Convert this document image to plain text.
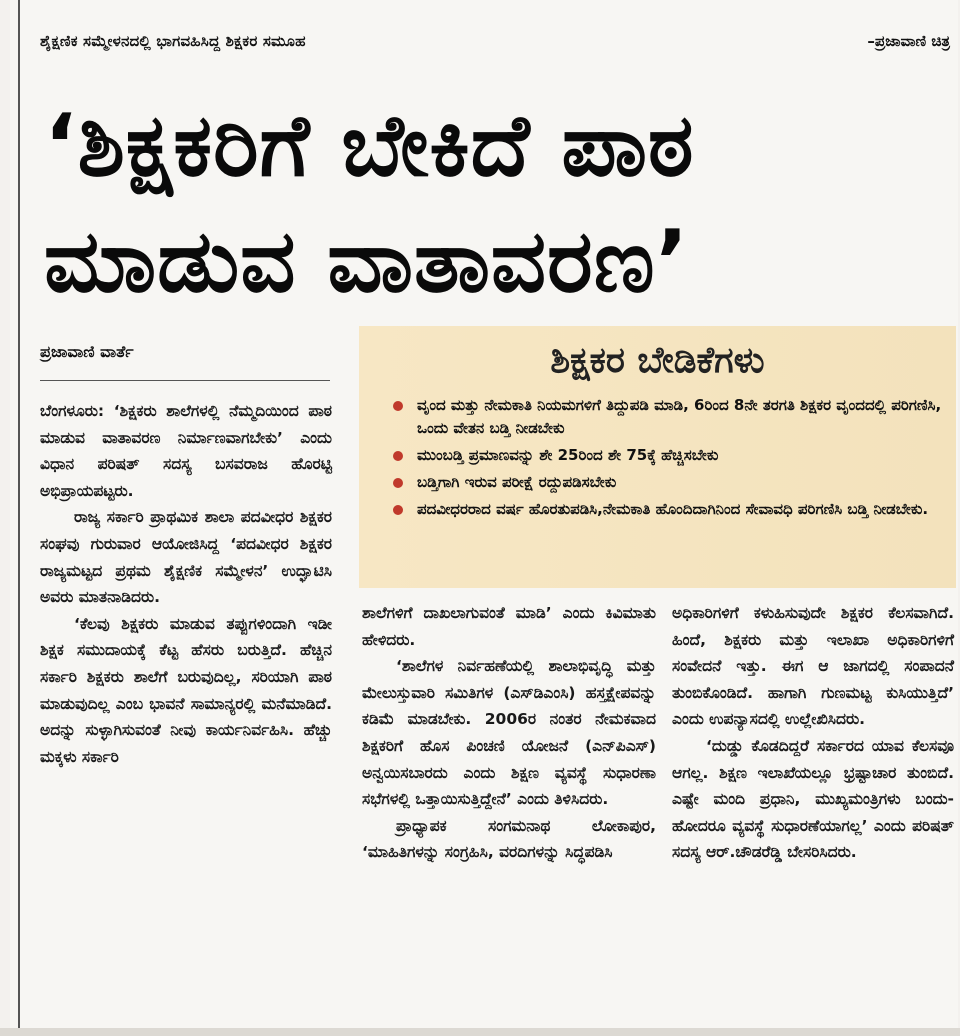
ಶೈಕ್ಷಣಿಕ ಸಮ್ಮೇಳನದಲ್ಲಿ ಭಾಗವಹಿಸಿದ್ದ ಶಿಕ್ಷಕರ ಸಮೂಹ	–ಪ್ರಜಾವಾಣಿ ಚಿತ್ರ
‘ಶಿಕ್ಷಕರಿಗೆ ಬೇಕಿದೆ ಪಾಠ
ಮಾಡುವ ವಾತಾವರಣ’
ಪ್ರಜಾವಾಣಿ ವಾರ್ತೆ	ಶಿಕ್ಷಕರ ಬೇಡಿಕೆಗಳು
ವೃಂದ ಮತ್ತು ನೇಮಕಾತಿ ನಿಯಮಗಳಿಗೆ ತಿದ್ದುಪಡಿ ಮಾಡಿ, 6ರಿಂದ 8ನೇ ತರಗತಿ ಶಿಕ್ಷಕರ ವೃಂದದಲ್ಲಿ ಪರಿಗಣಿಸಿ, ಒಂದು ವೇತನ ಬಡ್ತಿ ನೀಡಬೇಕು
ಮುಂಬಡ್ತಿ ಪ್ರಮಾಣವನ್ನು ಶೇ 25ರಿಂದ ಶೇ 75ಕ್ಕೆ ಹೆಚ್ಚಿಸಬೇಕು
ಬಡ್ತಿಗಾಗಿ ಇರುವ ಪರೀಕ್ಷೆ ರದ್ದುಪಡಿಸಬೇಕು
ಪದವೀಧರರಾದ ವರ್ಷ ಹೊರತುಪಡಿಸಿ,ನೇಮಕಾತಿ ಹೊಂದಿದಾಗಿನಿಂದ ಸೇವಾವಧಿ ಪರಿಗಣಿಸಿ ಬಡ್ತಿ ನೀಡಬೇಕು.

ಬೆಂಗಳೂರು: ‘ಶಿಕ್ಷಕರು ಶಾಲೆಗಳಲ್ಲಿ ನೆಮ್ಮದಿಯಿಂದ ಪಾಠ ಮಾಡುವ ವಾತಾವರಣ ನಿರ್ಮಾಣವಾಗಬೇಕು’ ಎಂದು ವಿಧಾನ ಪರಿಷತ್ ಸದಸ್ಯ ಬಸವರಾಜ ಹೊರಟ್ಟಿ ಅಭಿಪ್ರಾಯಪಟ್ಟರು.

ರಾಜ್ಯ ಸರ್ಕಾರಿ ಪ್ರಾಥಮಿಕ ಶಾಲಾ ಪದವೀಧರ ಶಿಕ್ಷಕರ ಸಂಘವು ಗುರುವಾರ ಆಯೋಜಿಸಿದ್ದ ‘ಪದವೀಧರ ಶಿಕ್ಷಕರ ರಾಜ್ಯಮಟ್ಟದ ಪ್ರಥಮ ಶೈಕ್ಷಣಿಕ ಸಮ್ಮೇಳನ’ ಉದ್ಘಾಟಿಸಿ ಅವರು ಮಾತನಾಡಿದರು.

‘ಕೆಲವು ಶಿಕ್ಷಕರು ಮಾಡುವ ತಪ್ಪುಗಳಿಂದಾಗಿ ಇಡೀ ಶಿಕ್ಷಕ ಸಮುದಾಯಕ್ಕೆ ಕೆಟ್ಟ ಹೆಸರು ಬರುತ್ತಿದೆ. ಹೆಚ್ಚಿನ ಸರ್ಕಾರಿ ಶಿಕ್ಷಕರು ಶಾಲೆಗೆ ಬರುವುದಿಲ್ಲ, ಸರಿಯಾಗಿ ಪಾಠ ಮಾಡುವುದಿಲ್ಲ ಎಂಬ ಭಾವನೆ ಸಾಮಾನ್ಯರಲ್ಲಿ ಮನೆಮಾಡಿದೆ. ಅದನ್ನು ಸುಳ್ಳಾಗಿಸುವಂತೆ ನೀವು ಕಾರ್ಯನಿರ್ವಹಿಸಿ. ಹೆಚ್ಚು ಮಕ್ಕಳು ಸರ್ಕಾರಿ

ಶಾಲೆಗಳಿಗೆ ದಾಖಲಾಗುವಂತೆ ಮಾಡಿ’ ಎಂದು ಕಿವಿಮಾತು ಹೇಳಿದರು.

‘ಶಾಲೆಗಳ ನಿರ್ವಹಣೆಯಲ್ಲಿ ಶಾಲಾಭಿವೃದ್ಧಿ ಮತ್ತು ಮೇಲುಸ್ತುವಾರಿ ಸಮಿತಿಗಳ (ಎಸ್‌ಡಿಎಂಸಿ) ಹಸ್ತಕ್ಷೇಪವನ್ನು ಕಡಿಮೆ ಮಾಡಬೇಕು. 2006ರ ನಂತರ ನೇಮಕವಾದ ಶಿಕ್ಷಕರಿಗೆ ಹೊಸ ಪಿಂಚಣಿ ಯೋಜನೆ (ಎನ್‌ಪಿಎಸ್) ಅನ್ವಯಿಸಬಾರದು ಎಂದು ಶಿಕ್ಷಣ ವ್ಯವಸ್ಥೆ ಸುಧಾರಣಾ ಸಭೆಗಳಲ್ಲಿ ಒತ್ತಾಯಿಸುತ್ತಿದ್ದೇನೆ’ ಎಂದು ತಿಳಿಸಿದರು.

ಪ್ರಾಧ್ಯಾಪಕ ಸಂಗಮನಾಥ ಲೋಕಾಪುರ, ‘ಮಾಹಿತಿಗಳನ್ನು ಸಂಗ್ರಹಿಸಿ, ವರದಿಗಳನ್ನು ಸಿದ್ಧಪಡಿಸಿ

ಅಧಿಕಾರಿಗಳಿಗೆ ಕಳುಹಿಸುವುದೇ ಶಿಕ್ಷಕರ ಕೆಲಸವಾಗಿದೆ. ಹಿಂದೆ, ಶಿಕ್ಷಕರು ಮತ್ತು ಇಲಾಖಾ ಅಧಿಕಾರಿಗಳಿಗೆ ಸಂವೇದನೆ ಇತ್ತು. ಈಗ ಆ ಜಾಗದಲ್ಲಿ ಸಂಪಾದನೆ ತುಂಬಿಕೊಂಡಿದೆ. ಹಾಗಾಗಿ ಗುಣಮಟ್ಟ ಕುಸಿಯುತ್ತಿದೆ’ ಎಂದು ಉಪನ್ಯಾಸದಲ್ಲಿ ಉಲ್ಲೇಖಿಸಿದರು.

‘ದುಡ್ಡು ಕೊಡದಿದ್ದರೆ ಸರ್ಕಾರದ ಯಾವ ಕೆಲಸವೂ ಆಗಲ್ಲ. ಶಿಕ್ಷಣ ಇಲಾಖೆಯಲ್ಲೂ ಭ್ರಷ್ಟಾಚಾರ ತುಂಬಿದೆ. ಎಷ್ಟೇ ಮಂದಿ ಪ್ರಧಾನಿ, ಮುಖ್ಯಮಂತ್ರಿಗಳು ಬಂದು-ಹೋದರೂ ವ್ಯವಸ್ಥೆ ಸುಧಾರಣೆಯಾಗಲ್ಲ’ ಎಂದು ಪರಿಷತ್ ಸದಸ್ಯ ಆರ್.ಚೌಡರೆಡ್ಡಿ ಬೇಸರಿಸಿದರು.
